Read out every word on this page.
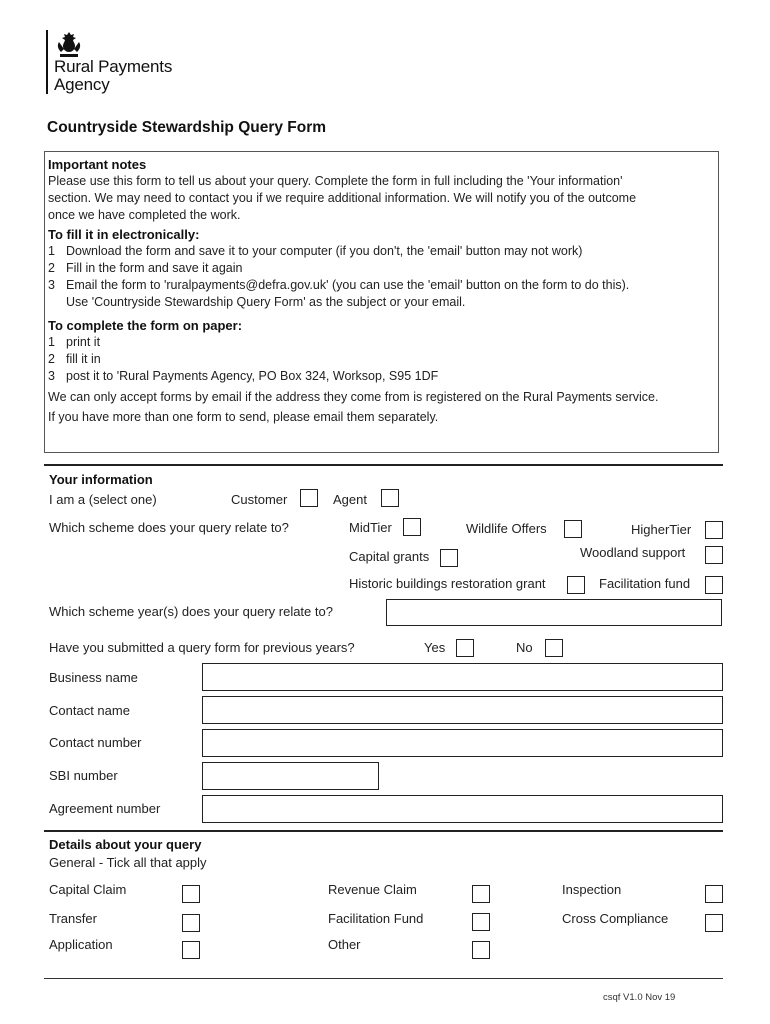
Rural Payments
Agency
Countryside Stewardship Query Form
Important notes
Please use this form to tell us about your query. Complete the form in full including the 'Your information'
section. We may need to contact you if we require additional information. We will notify you of the outcome
once we have completed the work.
To fill it in electronically:
1 Download the form and save it to your computer (if you don't, the 'email' button may not work)
2 Fill in the form and save it again
3 Email the form to 'ruralpayments@defra.gov.uk' (you can use the 'email' button on the form to do this).
Use 'Countryside Stewardship Query Form' as the subject or your email.
To complete the form on paper:
1 print it
2 fill it in
3 post it to 'Rural Payments Agency, PO Box 324, Worksop, S95 1DF
We can only accept forms by email if the address they come from is registered on the Rural Payments service.
If you have more than one form to send, please email them separately.
Your information
I am a (select one)	Customer	Agent
Which scheme does your query relate to?	MidTier	Wildlife Offers	HigherTier
Capital grants	Woodland support
Historic buildings restoration grant	Facilitation fund
Which scheme year(s) does your query relate to?
Have you submitted a query form for previous years?	Yes	No
Business name
Contact name
Contact number
SBI number
Agreement number
Details about your query
General - Tick all that apply
Capital Claim	Revenue Claim	Inspection
Transfer	Facilitation Fund	Cross Compliance
Application	Other
csqf V1.0 Nov 19
